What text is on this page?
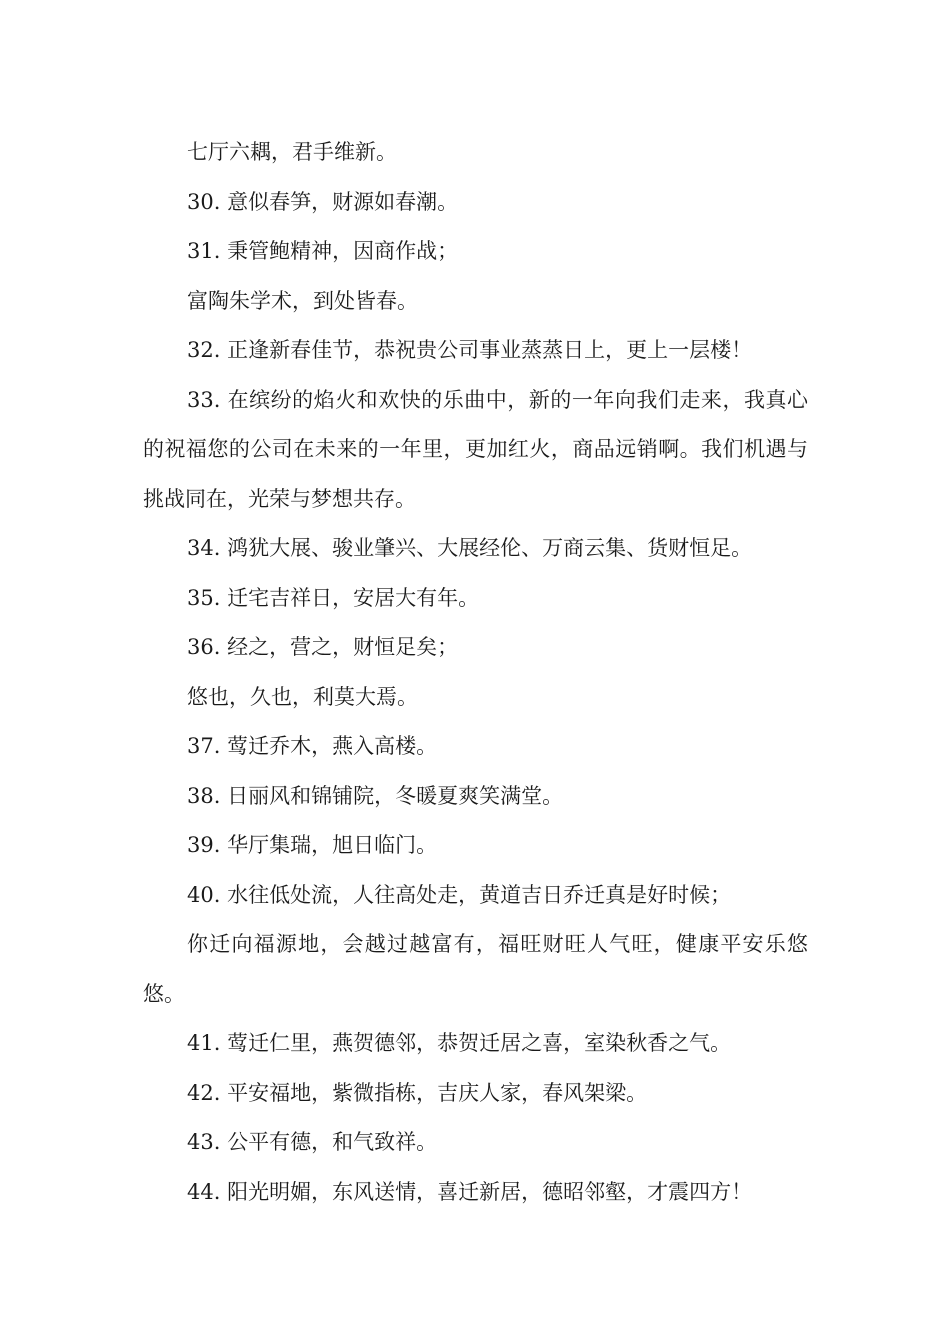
七厅六耦，君手维新。

30. 意似春笋，财源如春潮。

31. 秉管鲍精神，因商作战；

富陶朱学术，到处皆春。

32. 正逢新春佳节，恭祝贵公司事业蒸蒸日上，更上一层楼！

33. 在缤纷的焰火和欢快的乐曲中，新的一年向我们走来，我真心的祝福您的公司在未来的一年里，更加红火，商品远销啊。我们机遇与挑战同在，光荣与梦想共存。

34. 鸿犹大展、骏业肇兴、大展经伦、万商云集、货财恒足。

35. 迁宅吉祥日，安居大有年。

36. 经之，营之，财恒足矣；

悠也，久也，利莫大焉。

37. 莺迁乔木，燕入高楼。

38. 日丽风和锦铺院，冬暖夏爽笑满堂。

39. 华厅集瑞，旭日临门。

40. 水往低处流，人往高处走，黄道吉日乔迁真是好时候；

你迁向福源地，会越过越富有，福旺财旺人气旺，健康平安乐悠悠。

41. 莺迁仁里，燕贺德邻，恭贺迁居之喜，室染秋香之气。

42. 平安福地，紫微指栋，吉庆人家，春风架梁。

43. 公平有德，和气致祥。

44. 阳光明媚，东风送情，喜迁新居，德昭邻壑，才震四方！
